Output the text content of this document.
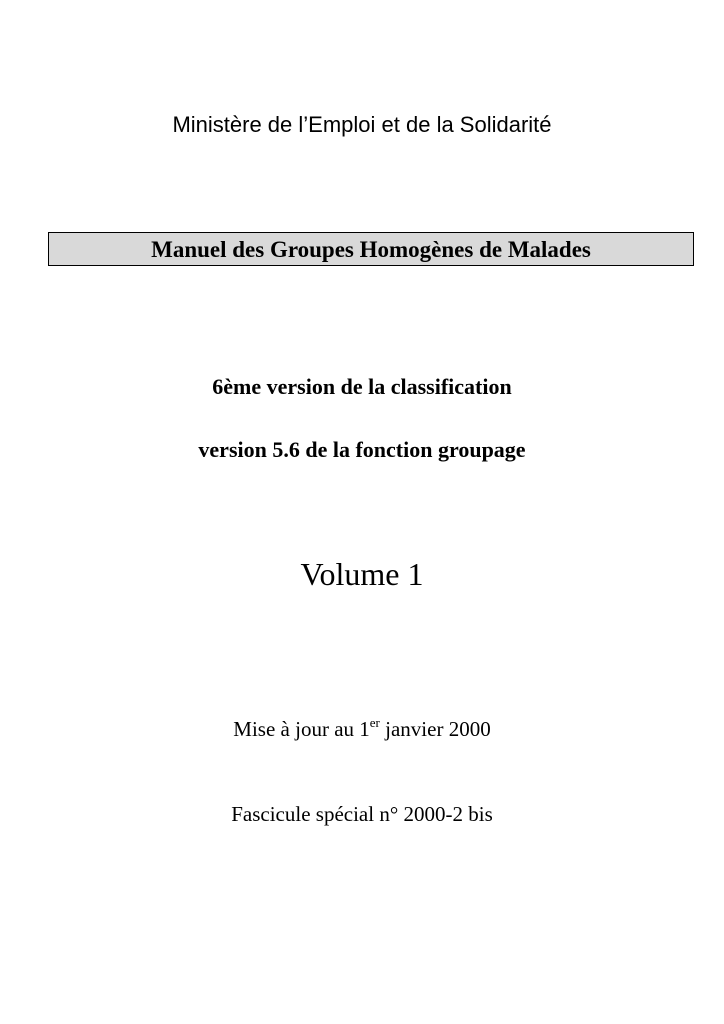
Ministère de l’Emploi et de la Solidarité
Manuel des Groupes Homogènes de Malades
6ème version de la classification
version 5.6 de la fonction groupage
Volume 1
Mise à jour au 1er janvier 2000
Fascicule spécial n° 2000-2 bis
